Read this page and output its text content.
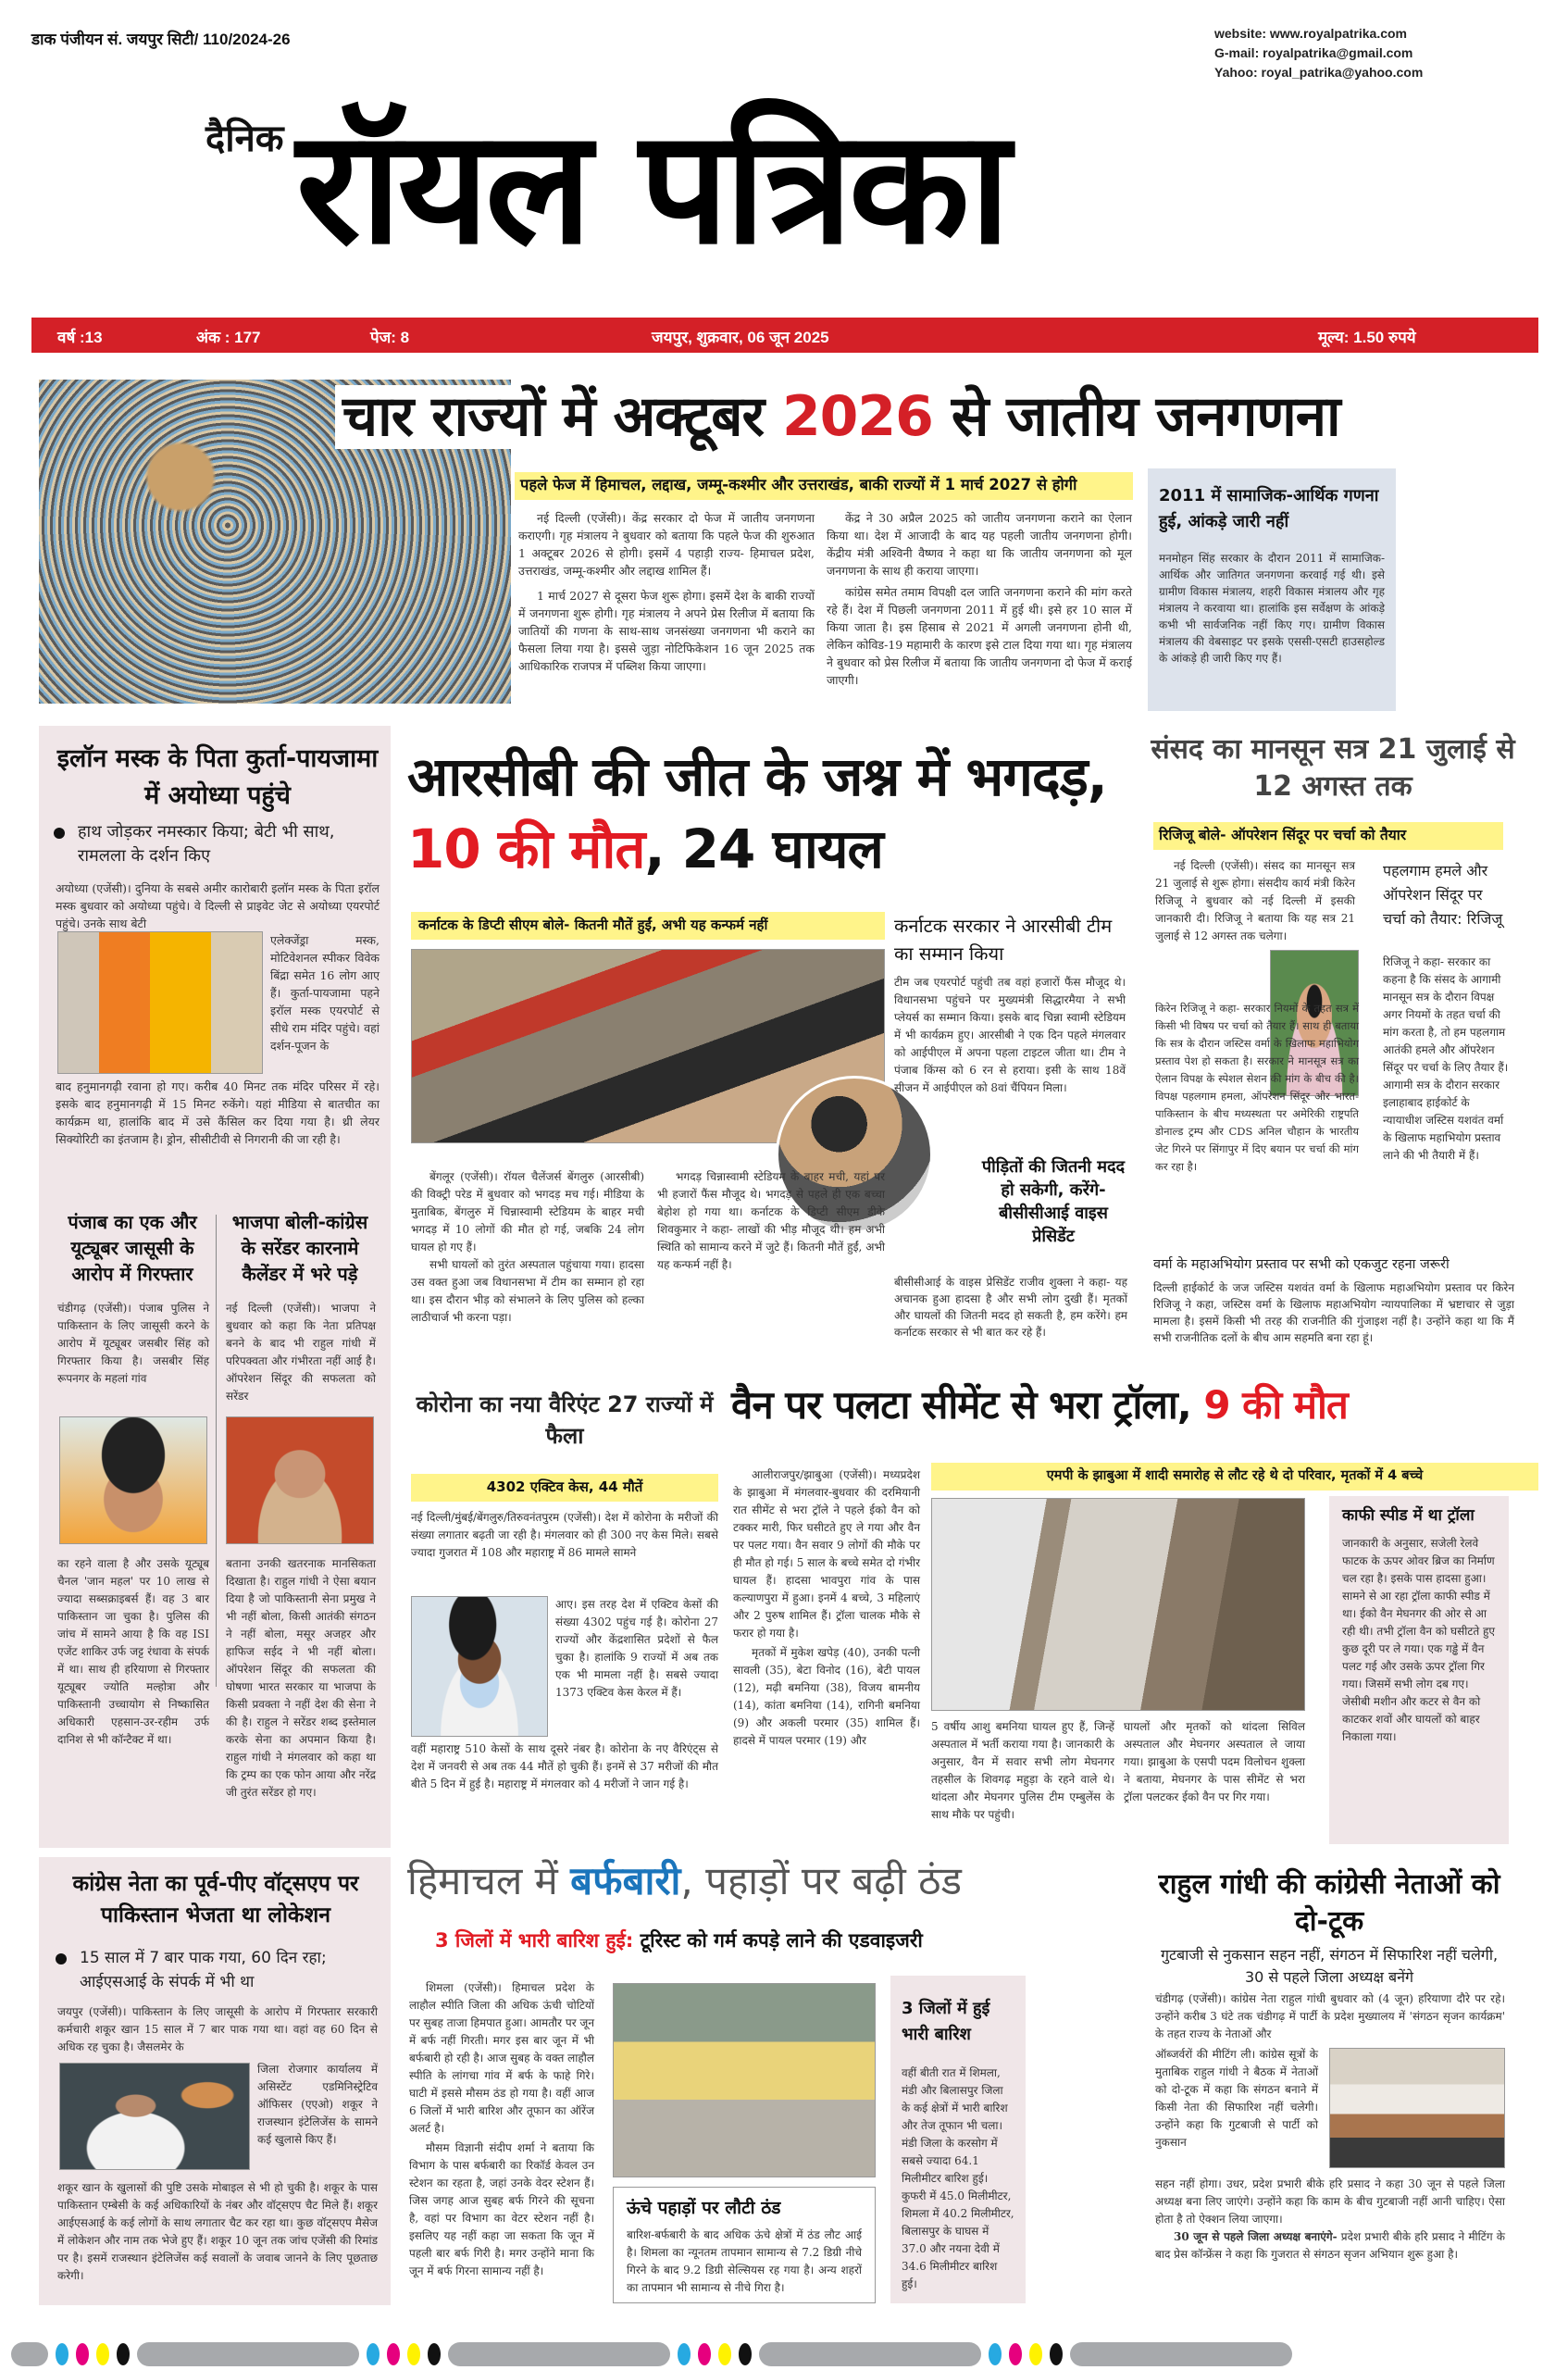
डाक पंजीयन सं. जयपुर सिटी/ 110/2024-26	website: www.royalpatrika.com
G-mail: royalpatrika@gmail.com
Yahoo: royal_patrika@yahoo.com
दैनिक रॉयल पत्रिका
वर्ष :13	अंक : 177	पेज: 8	जयपुर, शुक्रवार, 06 जून 2025	मूल्य: 1.50 रुपये
चार राज्यों में अक्टूबर 2026 से जातीय जनगणना
पहले फेज में हिमाचल, लद्दाख, जम्मू-कश्मीर और उत्तराखंड, बाकी राज्यों में 1 मार्च 2027 से होगी

नई दिल्ली (एजेंसी)। केंद्र सरकार दो फेज में जातीय जनगणना कराएगी। गृह मंत्रालय ने बुधवार को बताया कि पहले फेज की शुरुआत 1 अक्टूबर 2026 से होगी। इसमें 4 पहाड़ी राज्य- हिमाचल प्रदेश, उत्तराखंड, जम्मू-कश्मीर और लद्दाख शामिल हैं।

1 मार्च 2027 से दूसरा फेज शुरू होगा। इसमें देश के बाकी राज्यों में जनगणना शुरू होगी। गृह मंत्रालय ने अपने प्रेस रिलीज में बताया कि जातियों की गणना के साथ-साथ जनसंख्या जनगणना भी कराने का फैसला लिया गया है। इससे जुड़ा नोटिफिकेशन 16 जून 2025 तक आधिकारिक राजपत्र में पब्लिश किया जाएगा।

केंद्र ने 30 अप्रैल 2025 को जातीय जनगणना कराने का ऐलान किया था। देश में आजादी के बाद यह पहली जातीय जनगणना होगी। केंद्रीय मंत्री अश्विनी वैष्णव ने कहा था कि जातीय जनगणना को मूल जनगणना के साथ ही कराया जाएगा।

कांग्रेस समेत तमाम विपक्षी दल जाति जनगणना कराने की मांग करते रहे हैं। देश में पिछली जनगणना 2011 में हुई थी। इसे हर 10 साल में किया जाता है। इस हिसाब से 2021 में अगली जनगणना होनी थी, लेकिन कोविड-19 महामारी के कारण इसे टाल दिया गया था। गृह मंत्रालय ने बुधवार को प्रेस रिलीज में बताया कि जातीय जनगणना दो फेज में कराई जाएगी।

2011 में सामाजिक-आर्थिक गणना हुई, आंकड़े जारी नहीं
मनमोहन सिंह सरकार के दौरान 2011 में सामाजिक-आर्थिक और जातिगत जनगणना करवाई गई थी। इसे ग्रामीण विकास मंत्रालय, शहरी विकास मंत्रालय और गृह मंत्रालय ने करवाया था। हालांकि इस सर्वेक्षण के आंकड़े कभी भी सार्वजनिक नहीं किए गए। ग्रामीण विकास मंत्रालय की वेबसाइट पर इसके एससी-एसटी हाउसहोल्ड के आंकड़े ही जारी किए गए हैं।
इलॉन मस्क के पिता कुर्ता-पायजामा में अयोध्या पहुंचे
हाथ जोड़कर नमस्कार किया; बेटी भी साथ, रामलला के दर्शन किए
अयोध्या (एजेंसी)। दुनिया के सबसे अमीर कारोबारी इलॉन मस्क के पिता इरॉल मस्क बुधवार को अयोध्या पहुंचे। वे दिल्ली से प्राइवेट जेट से अयोध्या एयरपोर्ट पहुंचे। उनके साथ बेटी
एलेक्जेंड्रा मस्क, मोटिवेशनल स्पीकर विवेक बिंद्रा समेत 16 लोग आए हैं। कुर्ता-पायजामा पहने इरॉल मस्क एयरपोर्ट से सीधे राम मंदिर पहुंचे। वहां दर्शन-पूजन के
बाद हनुमानगढ़ी रवाना हो गए। करीब 40 मिनट तक मंदिर परिसर में रहे। इसके बाद हनुमानगढ़ी में 15 मिनट रुकेंगे। यहां मीडिया से बातचीत का कार्यक्रम था, हालांकि बाद में उसे कैंसिल कर दिया गया है। थ्री लेयर सिक्योरिटी का इंतजाम है। ड्रोन, सीसीटीवी से निगरानी की जा रही है।
पंजाब का एक और यूट्यूबर जासूसी के आरोप में गिरफ्तार
भाजपा बोली-कांग्रेस के सरेंडर कारनामे कैलेंडर में भरे पड़े
चंडीगढ़ (एजेंसी)। पंजाब पुलिस ने पाकिस्तान के लिए जासूसी करने के आरोप में यूट्यूबर जसबीर सिंह को गिरफ्तार किया है। जसबीर सिंह रूपनगर के महलां गांव
नई दिल्ली (एजेंसी)। भाजपा ने बुधवार को कहा कि नेता प्रतिपक्ष बनने के बाद भी राहुल गांधी में परिपक्वता और गंभीरता नहीं आई है। ऑपरेशन सिंदूर की सफलता को सरेंडर
का रहने वाला है और उसके यूट्यूब चैनल 'जान महल' पर 10 लाख से ज्यादा सब्सक्राइबर्स हैं। वह 3 बार पाकिस्तान जा चुका है। पुलिस की जांच में सामने आया है कि वह ISI एजेंट शाकिर उर्फ जट्ट रंधावा के संपर्क में था। साथ ही हरियाणा से गिरफ्तार यूट्यूबर ज्योति मल्होत्रा और पाकिस्तानी उच्चायोग से निष्कासित अधिकारी एहसान-उर-रहीम उर्फ दानिश से भी कॉन्टैक्ट में था।
बताना उनकी खतरनाक मानसिकता दिखाता है। राहुल गांधी ने ऐसा बयान दिया है जो पाकिस्तानी सेना प्रमुख ने भी नहीं बोला, किसी आतंकी संगठन ने नहीं बोला, मसूर अजहर और हाफिज सईद ने भी नहीं बोला। ऑपरेशन सिंदूर की सफलता की घोषणा भारत सरकार या भाजपा के किसी प्रवक्ता ने नहीं देश की सेना ने की है। राहुल ने सरेंडर शब्द इस्तेमाल करके सेना का अपमान किया है। राहुल गांधी ने मंगलवार को कहा था कि ट्रम्प का एक फोन आया और नरेंद्र जी तुरंत सरेंडर हो गए।
आरसीबी की जीत के जश्न में भगदड़, 10 की मौत, 24 घायल
कर्नाटक के डिप्टी सीएम बोले- कितनी मौतें हुईं, अभी यह कन्फर्म नहीं	कर्नाटक सरकार ने आरसीबी टीम का सम्मान किया
टीम जब एयरपोर्ट पहुंची तब वहां हजारों फैंस मौजूद थे। विधानसभा पहुंचने पर मुख्यमंत्री सिद्धारमैया ने सभी प्लेयर्स का सम्मान किया। इसके बाद चिन्ना स्वामी स्टेडियम में भी कार्यक्रम हुए। आरसीबी ने एक दिन पहले मंगलवार को आईपीएल में अपना पहला टाइटल जीता था। टीम ने पंजाब किंग्स को 6 रन से हराया। इसी के साथ 18वें सीजन में आईपीएल को 8वां चैंपियन मिला।
पीड़ितों की जितनी मदद हो सकेगी, करेंगे- बीसीसीआई वाइस प्रेसिडेंट
बीसीसीआई के वाइस प्रेसिडेंट राजीव शुक्ला ने कहा- यह अचानक हुआ हादसा है और सभी लोग दुखी हैं। मृतकों और घायलों की जितनी मदद हो सकती है, हम करेंगे। हम कर्नाटक सरकार से भी बात कर रहे हैं।

बेंगलूर (एजेंसी)। रॉयल चैलेंजर्स बेंगलुरु (आरसीबी) की विक्ट्री परेड में बुधवार को भगदड़ मच गई। मीडिया के मुताबिक, बेंगलुरु में चिन्नास्वामी स्टेडियम के बाहर मची भगदड़ में 10 लोगों की मौत हो गई, जबकि 24 लोग घायल हो गए हैं।

सभी घायलों को तुरंत अस्पताल पहुंचाया गया। हादसा उस वक्त हुआ जब विधानसभा में टीम का सम्मान हो रहा था। इस दौरान भीड़ को संभालने के लिए पुलिस को हल्का लाठीचार्ज भी करना पड़ा।

भगदड़ चिन्नास्वामी स्टेडियम के बाहर मची, यहां पर भी हजारों फैंस मौजूद थे। भगदड़ से पहले ही एक बच्चा बेहोश हो गया था। कर्नाटक के डिप्टी सीएम डीके शिवकुमार ने कहा- लाखों की भीड़ मौजूद थी। हम अभी स्थिति को सामान्य करने में जुटे हैं। कितनी मौतें हुईं, अभी यह कन्फर्म नहीं है।
संसद का मानसून सत्र 21 जुलाई से 12 अगस्त तक
रिजिजू बोले- ऑपरेशन सिंदूर पर चर्चा को तैयार
नई दिल्ली (एजेंसी)। संसद का मानसून सत्र 21 जुलाई से शुरू होगा। संसदीय कार्य मंत्री किरेन रिजिजू ने बुधवार को नई दिल्ली में इसकी जानकारी दी। रिजिजू ने बताया कि यह सत्र 21 जुलाई से 12 अगस्त तक चलेगा।
किरेन रिजिजू ने कहा- सरकार नियमों के तहत सत्र में किसी भी विषय पर चर्चा को तैयार हैं। साथ ही बताया कि सत्र के दौरान जस्टिस वर्मा के खिलाफ महाभियोग प्रस्ताव पेश हो सकता है। सरकार ने मानसूत्र सत्र का ऐलान विपक्ष के स्पेशल सेशन की मांग के बीच की है। विपक्ष पहलगाम हमला, ऑपरेशन सिंदूर और भारत-पाकिस्तान के बीच मध्यस्थता पर अमेरिकी राष्ट्रपति डोनाल्ड ट्रम्प और CDS अनिल चौहान के भारतीय जेट गिरने पर सिंगापुर में दिए बयान पर चर्चा की मांग कर रहा है।
पहलगाम हमले और ऑपरेशन सिंदूर पर चर्चा को तैयार: रिजिजू
रिजिजू ने कहा- सरकार का कहना है कि संसद के आगामी मानसून सत्र के दौरान विपक्ष अगर नियमों के तहत चर्चा की मांग करता है, तो हम पहलगाम आतंकी हमले और ऑपरेशन सिंदूर पर चर्चा के लिए तैयार हैं। आगामी सत्र के दौरान सरकार इलाहाबाद हाईकोर्ट के न्यायाधीश जस्टिस यशवंत वर्मा के खिलाफ महाभियोग प्रस्ताव लाने की भी तैयारी में हैं।
वर्मा के महाअभियोग प्रस्ताव पर सभी को एकजुट रहना जरूरी
दिल्ली हाईकोर्ट के जज जस्टिस यशवंत वर्मा के खिलाफ महाअभियोग प्रस्ताव पर किरेन रिजिजू ने कहा, जस्टिस वर्मा के खिलाफ महाअभियोग न्यायपालिका में भ्रष्टाचार से जुड़ा मामला है। इसमें किसी भी तरह की राजनीति की गुंजाइश नहीं है। उन्होंने कहा था कि मैं सभी राजनीतिक दलों के बीच आम सहमति बना रहा हूं।
कोरोना का नया वैरिएंट 27 राज्यों में फैला
4302 एक्टिव केस, 44 मौतें
नई दिल्ली/मुंबई/बेंगलुरु/तिरुवनंतपुरम (एजेंसी)। देश में कोरोना के मरीजों की संख्या लगातार बढ़ती जा रही है। मंगलवार को ही 300 नए केस मिले। सबसे ज्यादा गुजरात में 108 और महाराष्ट्र में 86 मामले सामने
आए। इस तरह देश में एक्टिव केसों की संख्या 4302 पहुंच गई है। कोरोना 27 राज्यों और केंद्रशासित प्रदेशों से फैल चुका है। हालांकि 9 राज्यों में अब तक एक भी मामला नहीं है। सबसे ज्यादा 1373 एक्टिव केस केरल में हैं।
वहीं महाराष्ट्र 510 केसों के साथ दूसरे नंबर है। कोरोना के नए वैरिएंट्स से देश में जनवरी से अब तक 44 मौतें हो चुकी हैं। इनमें से 37 मरीजों की मौत बीते 5 दिन में हुई है। महाराष्ट्र में मंगलवार को 4 मरीजों ने जान गई है।
वैन पर पलटा सीमेंट से भरा ट्रॉला, 9 की मौत
एमपी के झाबुआ में शादी समारोह से लौट रहे थे दो परिवार, मृतकों में 4 बच्चे

आलीराजपुर/झाबुआ (एजेंसी)। मध्यप्रदेश के झाबुआ में मंगलवार-बुधवार की दरमियानी रात सीमेंट से भरा ट्रॉले ने पहले ईको वैन को टक्कर मारी, फिर घसीटते हुए ले गया और वैन पर पलट गया। वैन सवार 9 लोगों की मौके पर ही मौत हो गई। 5 साल के बच्चे समेत दो गंभीर घायल हैं। हादसा भावपुरा गांव के पास कल्याणपुरा में हुआ। इनमें 4 बच्चे, 3 महिलाएं और 2 पुरुष शामिल हैं। ट्रॉला चालक मौके से फरार हो गया है।

मृतकों में मुकेश खपेड़ (40), उनकी पत्नी सावली (35), बेटा विनोद (16), बेटी पायल (12), मढ़ी बमनिया (38), विजय बामनीय (14), कांता बमनिया (14), रागिनी बमनिया (9) और अकली परमार (35) शामिल हैं। हादसे में पायल परमार (19) और

5 वर्षीय आशु बमनिया घायल हुए हैं, जिन्हें अस्पताल में भर्ती कराया गया है। जानकारी के अनुसार, वैन में सवार सभी लोग मेघनगर तहसील के शिवगढ़ महुड़ा के रहने वाले थे। थांदला और मेघनगर पुलिस टीम एम्बुलेंस के साथ मौके पर पहुंची।
घायलों और मृतकों को थांदला सिविल अस्पताल और मेघनगर अस्पताल ले जाया गया। झाबुआ के एसपी पदम विलोचन शुक्ला ने बताया, मेघनगर के पास सीमेंट से भरा ट्रॉला पलटकर ईको वैन पर गिर गया।
काफी स्पीड में था ट्रॉला
जानकारी के अनुसार, सजेली रेलवे फाटक के ऊपर ओवर ब्रिज का निर्माण चल रहा है। इसके पास हादसा हुआ। सामने से आ रहा ट्रॉला काफी स्पीड में था। ईको वैन मेघनगर की ओर से आ रही थी। तभी ट्रॉला वैन को घसीटते हुए कुछ दूरी पर ले गया। एक गड्ढे में वैन पलट गई और उसके ऊपर ट्रॉला गिर गया। जिसमें सभी लोग दब गए। जेसीबी मशीन और कटर से वैन को काटकर शवों और घायलों को बाहर निकाला गया।
कांग्रेस नेता का पूर्व-पीए वॉट्सएप पर पाकिस्तान भेजता था लोकेशन
15 साल में 7 बार पाक गया, 60 दिन रहा; आईएसआई के संपर्क में भी था
जयपुर (एजेंसी)। पाकिस्तान के लिए जासूसी के आरोप में गिरफ्तार सरकारी कर्मचारी शकूर खान 15 साल में 7 बार पाक गया था। वहां वह 60 दिन से अधिक रह चुका है। जैसलमेर के
जिला रोजगार कार्यालय में असिस्टेंट एडमिनिस्ट्रेटिव ऑफिसर (एएओ) शकूर ने राजस्थान इंटेलिजेंस के सामने कई खुलासे किए हैं।
शकूर खान के खुलासों की पुष्टि उसके मोबाइल से भी हो चुकी है। शकूर के पास पाकिस्तान एम्बेसी के कई अधिकारियों के नंबर और वॉट्सएप चैट मिले हैं। शकूर आईएसआई के कई लोगों के साथ लगातार चैट कर रहा था। कुछ वॉट्सएप मैसेज में लोकेशन और नाम तक भेजे हुए हैं। शकूर 10 जून तक जांच एजेंसी की रिमांड पर है। इसमें राजस्थान इंटेलिजेंस कई सवालों के जवाब जानने के लिए पूछताछ करेगी।
हिमाचल में बर्फबारी, पहाड़ों पर बढ़ी ठंड
3 जिलों में भारी बारिश हुई: टूरिस्ट को गर्म कपड़े लाने की एडवाइजरी

शिमला (एजेंसी)। हिमाचल प्रदेश के लाहौल स्पीति जिला की अधिक ऊंची चोटियों पर सुबह ताजा हिमपात हुआ। आमतौर पर जून में बर्फ नहीं गिरती। मगर इस बार जून में भी बर्फबारी हो रही है। आज सुबह के वक्त लाहौल स्पीति के लांगचा गांव में बर्फ के फाहे गिरे। घाटी में इससे मौसम ठंड हो गया है। वहीं आज 6 जिलों में भारी बारिश और तूफान का ऑरेंज अलर्ट है।

मौसम विज्ञानी संदीप शर्मा ने बताया कि विभाग के पास बर्फबारी का रिकॉर्ड केवल उन स्टेशन का रहता है, जहां उनके वेदर स्टेशन हैं। जिस जगह आज सुबह बर्फ गिरने की सूचना है, वहां पर विभाग का वेटर स्टेशन नहीं है। इसलिए यह नहीं कहा जा सकता कि जून में पहली बार बर्फ गिरी है। मगर उन्होंने माना कि जून में बर्फ गिरना सामान्य नहीं है।

ऊंचे पहाड़ों पर लौटी ठंड
बारिश-बर्फबारी के बाद अधिक ऊंचे क्षेत्रों में ठंड लौट आई है। शिमला का न्यूनतम तापमान सामान्य से 7.2 डिग्री नीचे गिरने के बाद 9.2 डिग्री सेल्सियस रह गया है। अन्य शहरों का तापमान भी सामान्य से नीचे गिरा है।
3 जिलों में हुई भारी बारिश
वहीं बीती रात में शिमला, मंडी और बिलासपुर जिला के कई क्षेत्रों में भारी बारिश और तेज तूफान भी चला। मंडी जिला के करसोग में सबसे ज्यादा 64.1 मिलीमीटर बारिश हुई। कुफरी में 45.0 मिलीमीटर, शिमला में 40.2 मिलीमीटर, बिलासपुर के घाघस में 37.0 और नयना देवी में 34.6 मिलीमीटर बारिश हुई।
राहुल गांधी की कांग्रेसी नेताओं को दो-टूक
गुटबाजी से नुकसान सहन नहीं, संगठन में सिफारिश नहीं चलेगी, 30 से पहले जिला अध्यक्ष बनेंगे
चंडीगढ़ (एजेंसी)। कांग्रेस नेता राहुल गांधी बुधवार को (4 जून) हरियाणा दौरे पर रहे। उन्होंने करीब 3 घंटे तक चंडीगढ़ में पार्टी के प्रदेश मुख्यालय में 'संगठन सृजन कार्यक्रम' के तहत राज्य के नेताओं और
ऑब्जर्वरों की मीटिंग ली। कांग्रेस सूत्रों के मुताबिक राहुल गांधी ने बैठक में नेताओं को दो-टूक में कहा कि संगठन बनाने में किसी नेता की सिफारिश नहीं चलेगी। उन्होंने कहा कि गुटबाजी से पार्टी को नुकसान

सहन नहीं होगा। उधर, प्रदेश प्रभारी बीके हरि प्रसाद ने कहा 30 जून से पहले जिला अध्यक्ष बना लिए जाएंगे। उन्होंने कहा कि काम के बीच गुटबाजी नहीं आनी चाहिए। ऐसा होता है तो ऐक्शन लिया जाएगा।

30 जून से पहले जिला अध्यक्ष बनाएंगे- प्रदेश प्रभारी बीके हरि प्रसाद ने मीटिंग के बाद प्रेस कॉन्फ्रेंस ने कहा कि गुजरात से संगठन सृजन अभियान शुरू हुआ है।
